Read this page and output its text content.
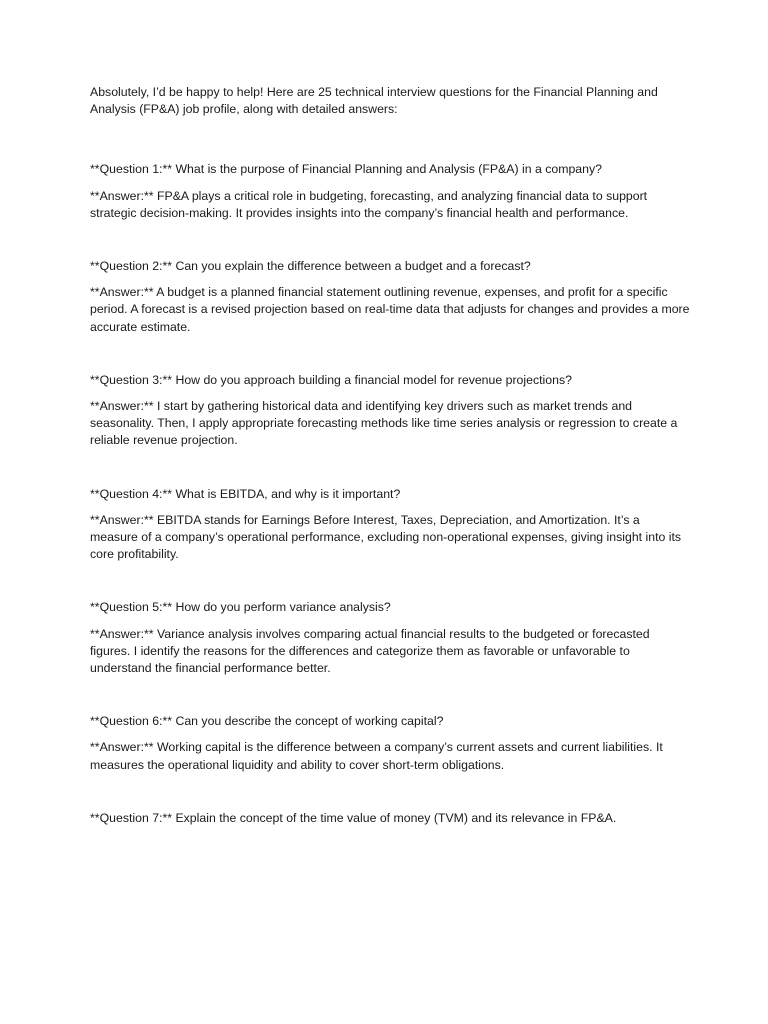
Absolutely, I’d be happy to help! Here are 25 technical interview questions for the Financial Planning and Analysis (FP&A) job profile, along with detailed answers:

**Question 1:** What is the purpose of Financial Planning and Analysis (FP&A) in a company?

**Answer:** FP&A plays a critical role in budgeting, forecasting, and analyzing financial data to support strategic decision-making. It provides insights into the company’s financial health and performance.

**Question 2:** Can you explain the difference between a budget and a forecast?

**Answer:** A budget is a planned financial statement outlining revenue, expenses, and profit for a specific period. A forecast is a revised projection based on real-time data that adjusts for changes and provides a more accurate estimate.

**Question 3:** How do you approach building a financial model for revenue projections?

**Answer:** I start by gathering historical data and identifying key drivers such as market trends and seasonality. Then, I apply appropriate forecasting methods like time series analysis or regression to create a reliable revenue projection.

**Question 4:** What is EBITDA, and why is it important?

**Answer:** EBITDA stands for Earnings Before Interest, Taxes, Depreciation, and Amortization. It’s a measure of a company’s operational performance, excluding non-operational expenses, giving insight into its core profitability.

**Question 5:** How do you perform variance analysis?

**Answer:** Variance analysis involves comparing actual financial results to the budgeted or forecasted figures. I identify the reasons for the differences and categorize them as favorable or unfavorable to understand the financial performance better.

**Question 6:** Can you describe the concept of working capital?

**Answer:** Working capital is the difference between a company’s current assets and current liabilities. It measures the operational liquidity and ability to cover short-term obligations.

**Question 7:** Explain the concept of the time value of money (TVM) and its relevance in FP&A.
